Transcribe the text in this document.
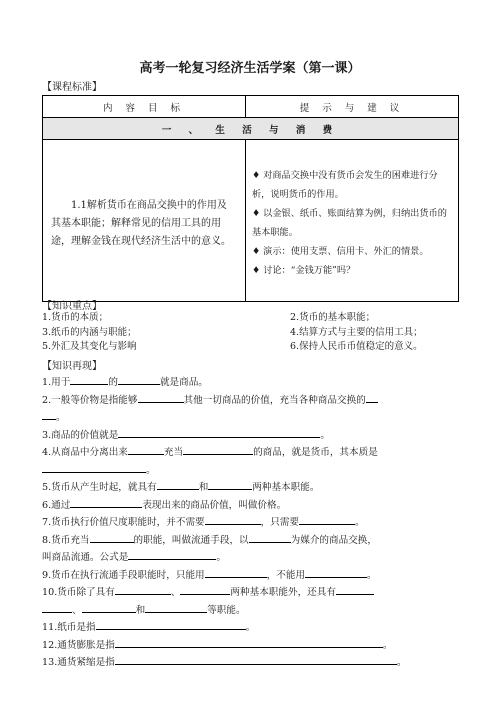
高考一轮复习经济生活学案（第一课）
【课程标准】
内 容 目 标	提 示 与 建 议
一 、 生 活 与 消 费	
1.1解析货币在商品交换中的作用及其基本职能；解释常见的信用工具的用途，理解金钱在现代经济生活中的意义。	♦ 对商品交换中没有货币会发生的困难进行分析，说明货币的作用。
♦ 以金银、纸币、账面结算为例，归纳出货币的基本职能。
♦ 演示：使用支票、信用卡、外汇的情景。
♦ 讨论：“金钱万能”吗？
【知识重点】
1.货币的本质；	2.货币的基本职能；
3.纸币的内涵与职能；	4.结算方式与主要的信用工具；
5.外汇及其变化与影响	6.保持人民币币值稳定的意义。
【知识再现】
1.用于	的	就是商品。
2.一般等价物是指能够	其他一切商品的价值，充当各种商品交换的
。
3.商品的价值就是	。
4.从商品中分离出来	充当	的商品，就是货币，其本质是
。
5.货币从产生时起，就具有	和	两种基本职能。
6.通过	表现出来的商品价值，叫做价格。
7.货币执行价值尺度职能时，并不需要	，只需要	。
8.货币充当	的职能，叫做流通手段，以	为媒介的商品交换，
叫商品流通。公式是	。
9.货币在执行流通手段职能时，只能用	，不能用	。
10.货币除了具有	、	两种基本职能外，还具有
、	和	等职能。
11.纸币是指	。
12.通货膨胀是指	。
13.通货紧缩是指	。
